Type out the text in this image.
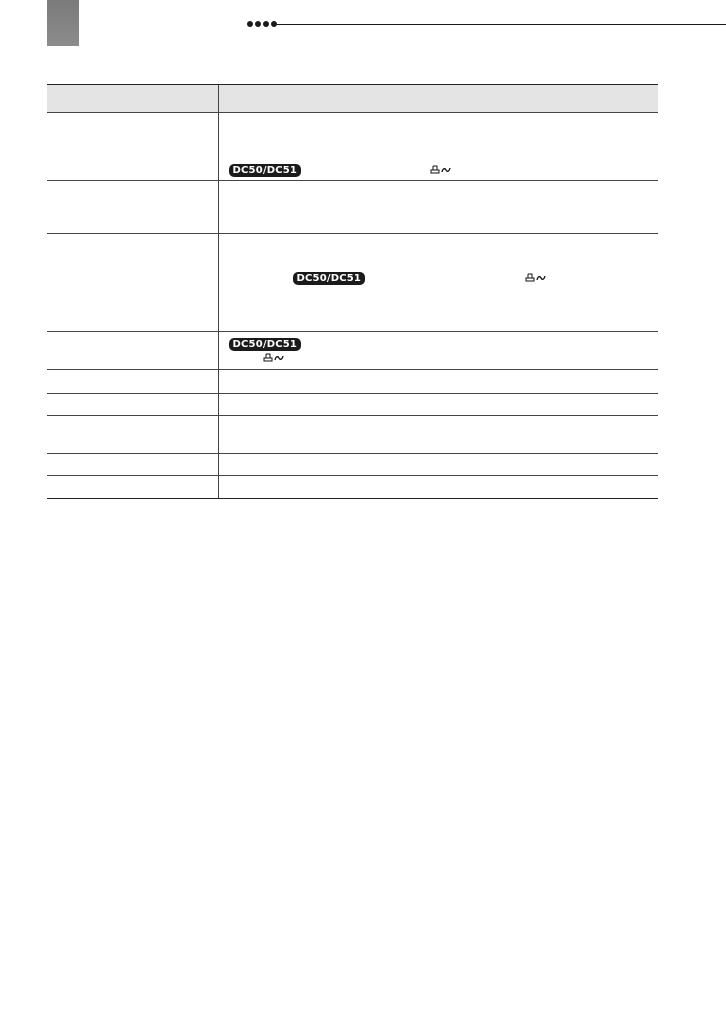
	DC50/DC51

	DC50/DC51

	DC50/DC51
